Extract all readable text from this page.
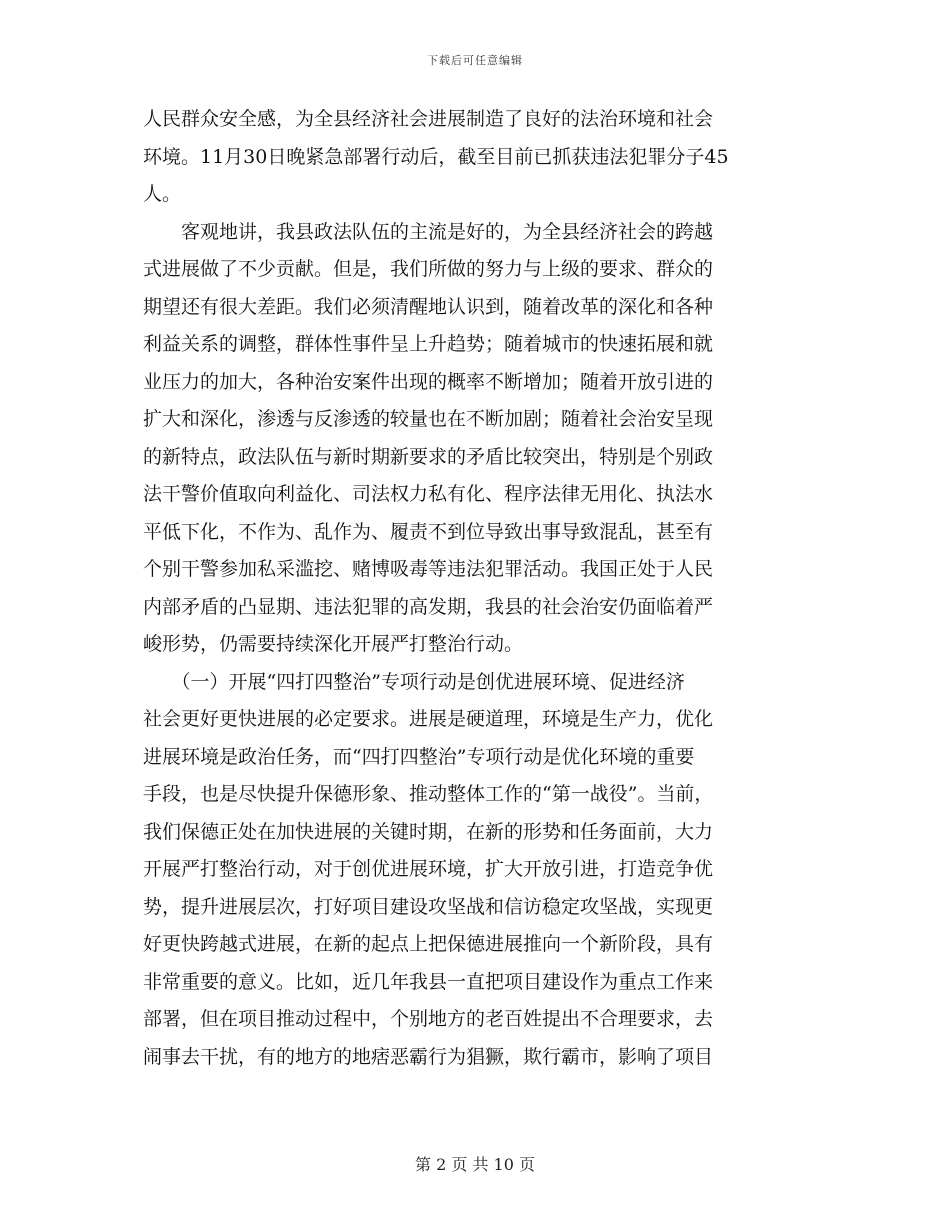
下载后可任意编辑
人民群众安全感，为全县经济社会进展制造了良好的法治环境和社会
环境。11月30日晚紧急部署行动后，截至目前已抓获违法犯罪分子45
人。
　　客观地讲，我县政法队伍的主流是好的，为全县经济社会的跨越
式进展做了不少贡献。但是，我们所做的努力与上级的要求、群众的
期望还有很大差距。我们必须清醒地认识到，随着改革的深化和各种
利益关系的调整，群体性事件呈上升趋势；随着城市的快速拓展和就
业压力的加大，各种治安案件出现的概率不断增加；随着开放引进的
扩大和深化，渗透与反渗透的较量也在不断加剧；随着社会治安呈现
的新特点，政法队伍与新时期新要求的矛盾比较突出，特别是个别政
法干警价值取向利益化、司法权力私有化、程序法律无用化、执法水
平低下化，不作为、乱作为、履责不到位导致出事导致混乱，甚至有
个别干警参加私采滥挖、赌博吸毒等违法犯罪活动。我国正处于人民
内部矛盾的凸显期、违法犯罪的高发期，我县的社会治安仍面临着严
峻形势，仍需要持续深化开展严打整治行动。
　　（一）开展“四打四整治”专项行动是创优进展环境、促进经济
社会更好更快进展的必定要求。进展是硬道理，环境是生产力，优化
进展环境是政治任务，而“四打四整治”专项行动是优化环境的重要
手段，也是尽快提升保德形象、推动整体工作的“第一战役”。当前，
我们保德正处在加快进展的关键时期，在新的形势和任务面前，大力
开展严打整治行动，对于创优进展环境，扩大开放引进，打造竞争优
势，提升进展层次，打好项目建设攻坚战和信访稳定攻坚战，实现更
好更快跨越式进展，在新的起点上把保德进展推向一个新阶段，具有
非常重要的意义。比如，近几年我县一直把项目建设作为重点工作来
部署，但在项目推动过程中，个别地方的老百姓提出不合理要求，去
闹事去干扰，有的地方的地痞恶霸行为猖獗，欺行霸市，影响了项目
第 2 页 共 10 页
